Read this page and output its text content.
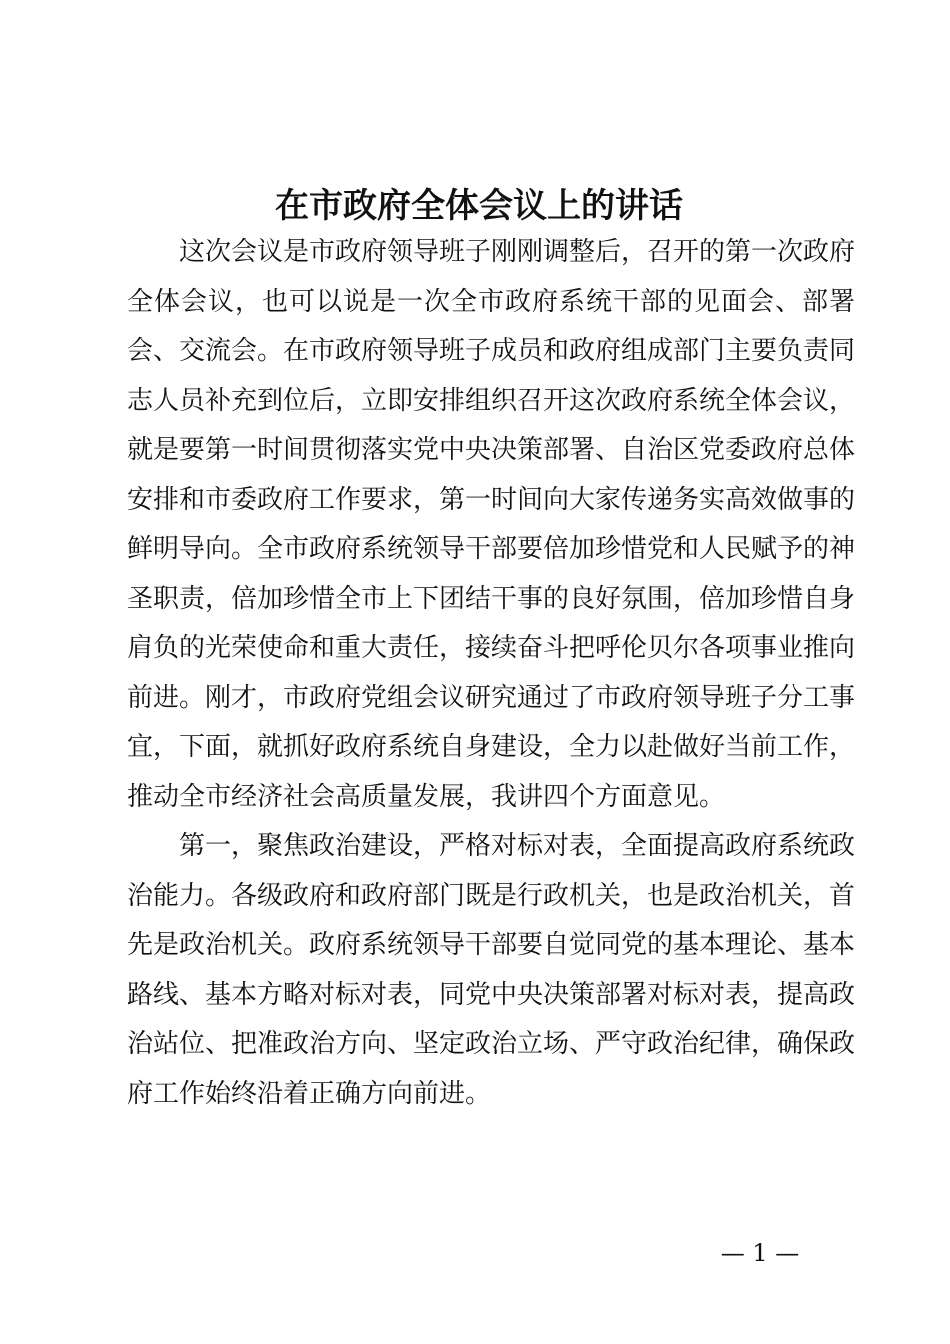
在市政府全体会议上的讲话

这次会议是市政府领导班子刚刚调整后，召开的第一次政府全体会议，也可以说是一次全市政府系统干部的见面会、部署会、交流会。在市政府领导班子成员和政府组成部门主要负责同志人员补充到位后，立即安排组织召开这次政府系统全体会议，就是要第一时间贯彻落实党中央决策部署、自治区党委政府总体安排和市委政府工作要求，第一时间向大家传递务实高效做事的鲜明导向。全市政府系统领导干部要倍加珍惜党和人民赋予的神圣职责，倍加珍惜全市上下团结干事的良好氛围，倍加珍惜自身肩负的光荣使命和重大责任，接续奋斗把呼伦贝尔各项事业推向前进。刚才，市政府党组会议研究通过了市政府领导班子分工事宜，下面，就抓好政府系统自身建设，全力以赴做好当前工作，推动全市经济社会高质量发展，我讲四个方面意见。

第一，聚焦政治建设，严格对标对表，全面提高政府系统政治能力。各级政府和政府部门既是行政机关，也是政治机关，首先是政治机关。政府系统领导干部要自觉同党的基本理论、基本路线、基本方略对标对表，同党中央决策部署对标对表，提高政治站位、把准政治方向、坚定政治立场、严守政治纪律，确保政府工作始终沿着正确方向前进。

— 1 —
